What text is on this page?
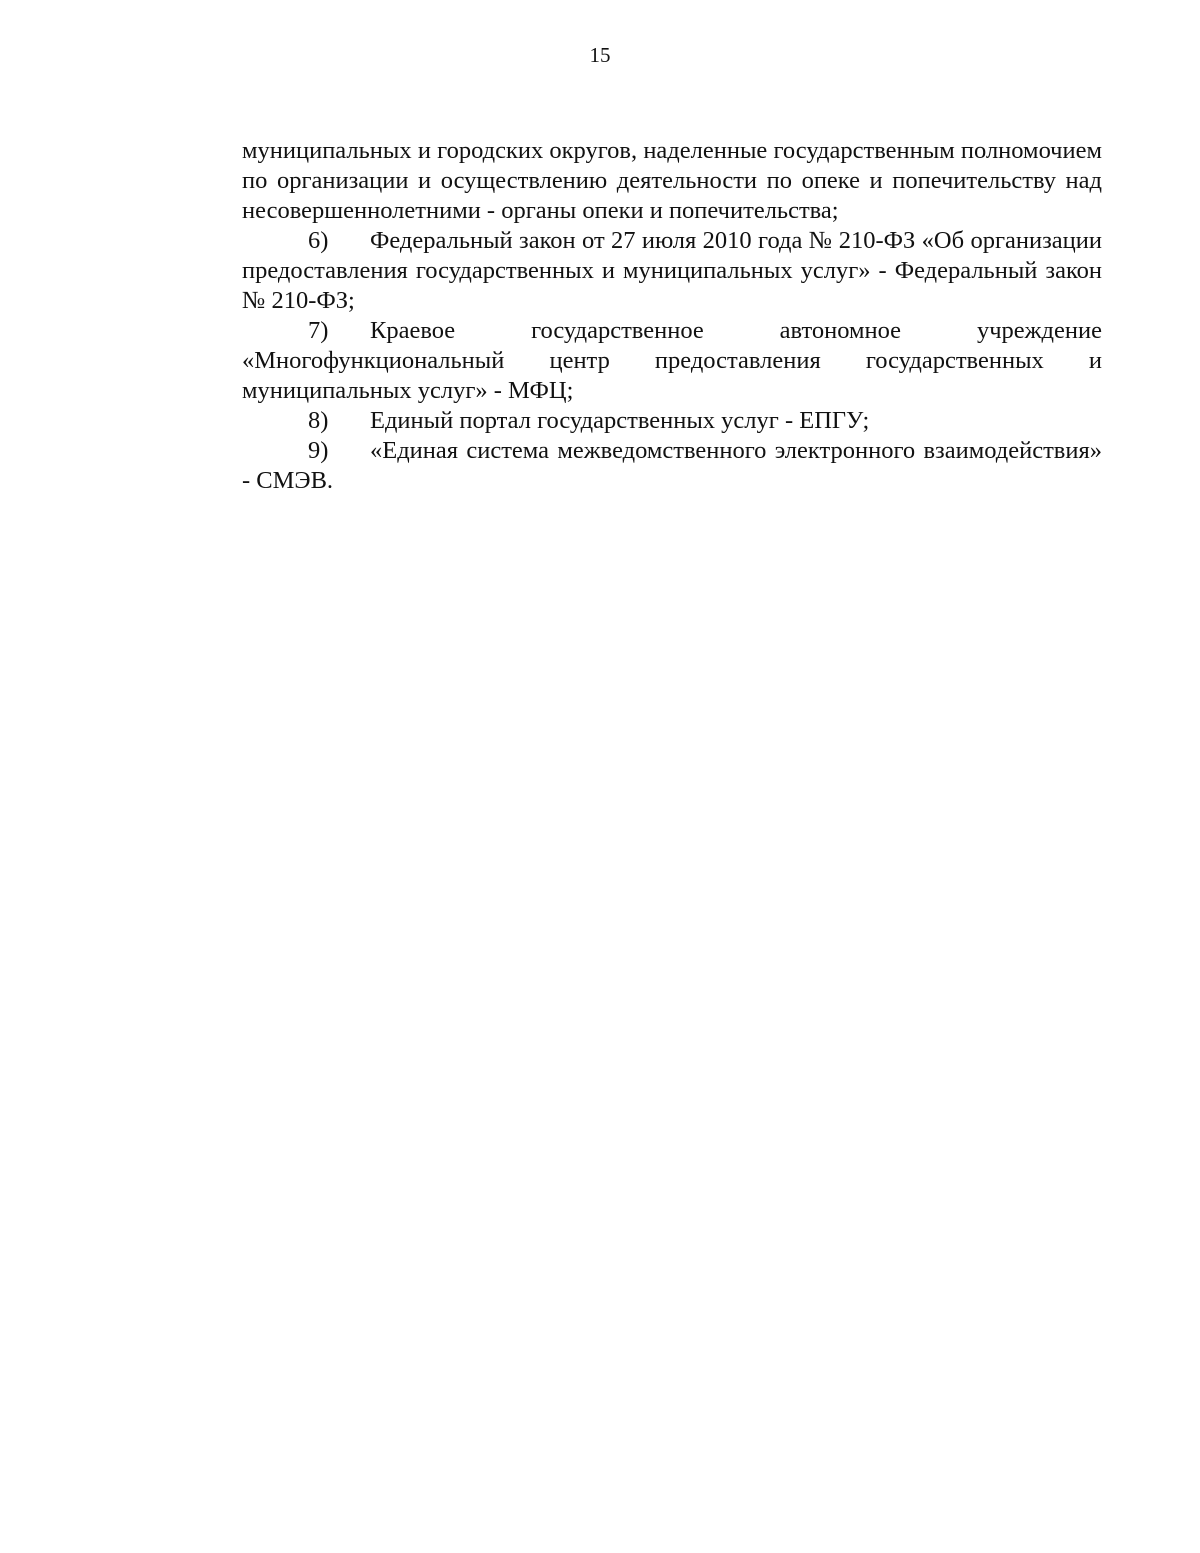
15

муниципальных и городских округов, наделенные государственным полномочием по организации и осуществлению деятельности по опеке и попечительству над несовершеннолетними - органы опеки и попечительства;

6) Федеральный закон от 27 июля 2010 года № 210-ФЗ «Об организации предоставления государственных и муниципальных услуг» - Федеральный закон № 210-ФЗ;

7) Краевое государственное автономное учреждение «Многофункциональный центр предоставления государственных и муниципальных услуг» - МФЦ;

8) Единый портал государственных услуг - ЕПГУ;

9) «Единая система межведомственного электронного взаимодействия» - СМЭВ.
